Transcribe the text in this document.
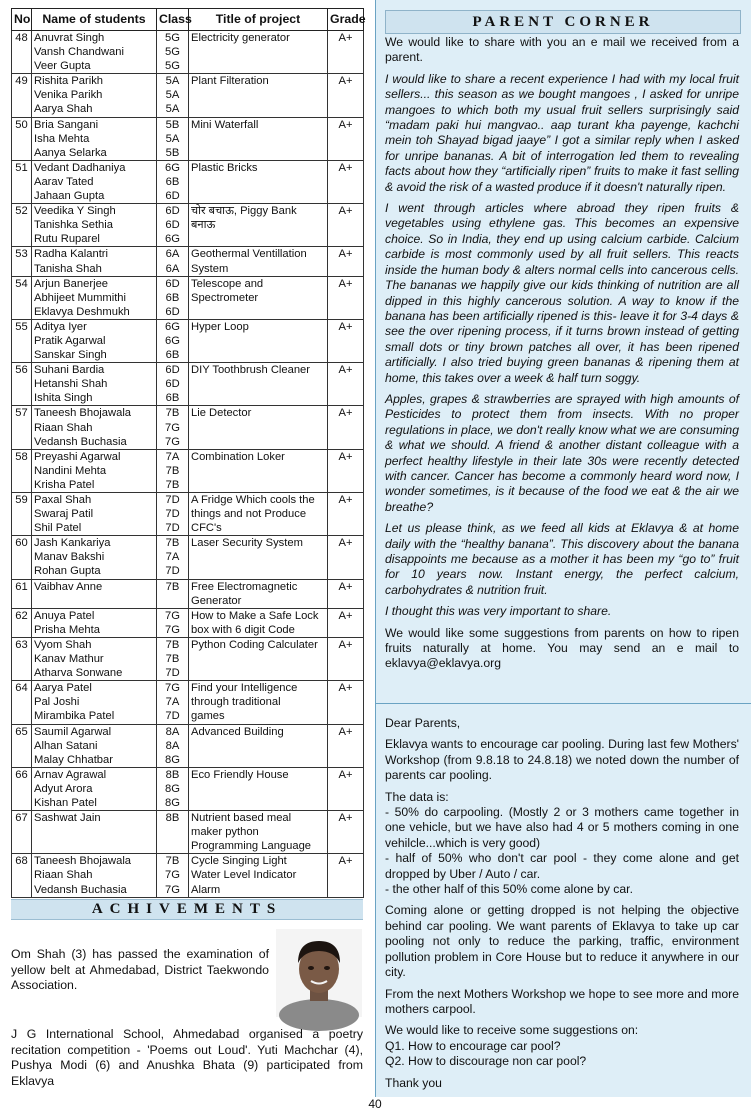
No	Name of students	Class	Title of project	Grade
48	Anuvrat Singh
Vansh Chandwani
Veer Gupta	5G
5G
5G	Electricity generator	A+
49	Rishita Parikh
Venika Parikh
Aarya Shah	5A
5A
5A	Plant Filteration	A+
50	Bria Sangani
Isha Mehta
Aanya Selarka	5B
5A
5B	Mini Waterfall	A+
51	Vedant Dadhaniya
Aarav Tated
Jahaan Gupta	6G
6B
6D	Plastic Bricks	A+
52	Veedika Y Singh
Tanishka Sethia
Rutu Ruparel	6D
6D
6G	चोर बचाऊ, Piggy Bank
बनाऊ	A+
53	Radha Kalantri
Tanisha Shah	6A
6A	Geothermal Ventillation
System	A+
54	Arjun Banerjee
Abhijeet Mummithi
Eklavya Deshmukh	6D
6B
6D	Telescope and
Spectrometer	A+
55	Aditya Iyer
Pratik Agarwal
Sanskar Singh	6G
6G
6B	Hyper Loop	A+
56	Suhani Bardia
Hetanshi Shah
Ishita Singh	6D
6D
6B	DIY Toothbrush Cleaner	A+
57	Taneesh Bhojawala
Riaan Shah
Vedansh Buchasia	7B
7G
7G	Lie Detector	A+
58	Preyashi Agarwal
Nandini Mehta
Krisha Patel	7A
7B
7B	Combination Loker	A+
59	Paxal Shah
Swaraj Patil
Shil Patel	7D
7D
7D	A Fridge Which cools the
things and not Produce
CFC's	A+
60	Jash Kankariya
Manav Bakshi
Rohan Gupta	7B
7A
7D	Laser Security System	A+
61	Vaibhav Anne	7B	Free Electromagnetic
Generator	A+
62	Anuya Patel
Prisha Mehta	7G
7G	How to Make a Safe Lock
box with 6 digit Code	A+
63	Vyom Shah
Kanav Mathur
Atharva Sonwane	7B
7B
7D	Python Coding Calculater	A+
64	Aarya Patel
Pal Joshi
Mirambika Patel	7G
7A
7D	Find your Intelligence
through traditional
games	A+
65	Saumil Agarwal
Alhan Satani
Malay Chhatbar	8A
8A
8G	Advanced Building	A+
66	Arnav Agrawal
Adyut Arora
Kishan Patel	8B
8G
8G	Eco Friendly House	A+
67	Sashwat Jain	8B	Nutrient based meal
maker python
Programming Language	A+
68	Taneesh Bhojawala
Riaan Shah
Vedansh Buchasia	7B
7G
7G	Cycle Singing Light
Water Level Indicator
Alarm	A+
ACHIVEMENTS
Om Shah (3) has passed the examination of yellow belt at Ahmedabad, District Taekwondo Association.
J G International School, Ahmedabad organised a poetry recitation competition - 'Poems out Loud'. Yuti Machchar (4), Pushya Modi (6) and Anushka Bhata (9) participated from Eklavya
PARENT CORNER

We would like to share with you an e mail we received from a parent.

I would like to share a recent experience I had with my local fruit sellers... this season as we bought mangoes , I asked for unripe mangoes to which both my usual fruit sellers surprisingly said “madam paki hui mangvao.. aap turant kha payenge, kachchi mein toh Shayad bigad jaaye” I got a similar reply when I asked for unripe bananas. A bit of interrogation led them to revealing facts about how they “artificially ripen” fruits to make it fast selling & avoid the risk of a wasted produce if it doesn't naturally ripen.

I went through articles where abroad they ripen fruits & vegetables using ethylene gas. This becomes an expensive choice. So in India, they end up using calcium carbide. Calcium carbide is most commonly used by all fruit sellers. This reacts inside the human body & alters normal cells into cancerous cells. The bananas we happily give our kids thinking of nutrition are all dipped in this highly cancerous solution. A way to know if the banana has been artificially ripened is this- leave it for 3-4 days & see the over ripening process, if it turns brown instead of getting small dots or tiny brown patches all over, it has been ripened artificially. I also tried buying green bananas & ripening them at home, this takes over a week & half turn soggy.

Apples, grapes & strawberries are sprayed with high amounts of Pesticides to protect them from insects. With no proper regulations in place, we don't really know what we are consuming & what we should. A friend & another distant colleague with a perfect healthy lifestyle in their late 30s were recently detected with cancer. Cancer has become a commonly heard word now, I wonder sometimes, is it because of the food we eat & the air we breathe?

Let us please think, as we feed all kids at Eklavya & at home daily with the “healthy banana”. This discovery about the banana disappoints me because as a mother it has been my “go to” fruit for 10 years now. Instant energy, the perfect calcium, carbohydrates & nutrition fruit.

I thought this was very important to share.

We would like some suggestions from parents on how to ripen fruits naturally at home. You may send an e mail to eklavya@eklavya.org

Dear Parents,

Eklavya wants to encourage car pooling. During last few Mothers' Workshop (from 9.8.18 to 24.8.18) we noted down the number of parents car pooling.

The data is:
- 50% do carpooling. (Mostly 2 or 3 mothers came together in one vehicle, but we have also had 4 or 5 mothers coming in one vehilcle...which is very good)
- half of 50% who don't car pool - they come alone and get dropped by Uber / Auto / car.
- the other half of this 50% come alone by car.

Coming alone or getting dropped is not helping the objective behind car pooling. We want parents of Eklavya to take up car pooling not only to reduce the parking, traffic, environment pollution problem in Core House but to reduce it anywhere in our city.

From the next Mothers Workshop we hope to see more and more mothers carpool.

We would like to receive some suggestions on:
Q1. How to encourage car pool?
Q2. How to discourage non car pool?

Thank you

40
